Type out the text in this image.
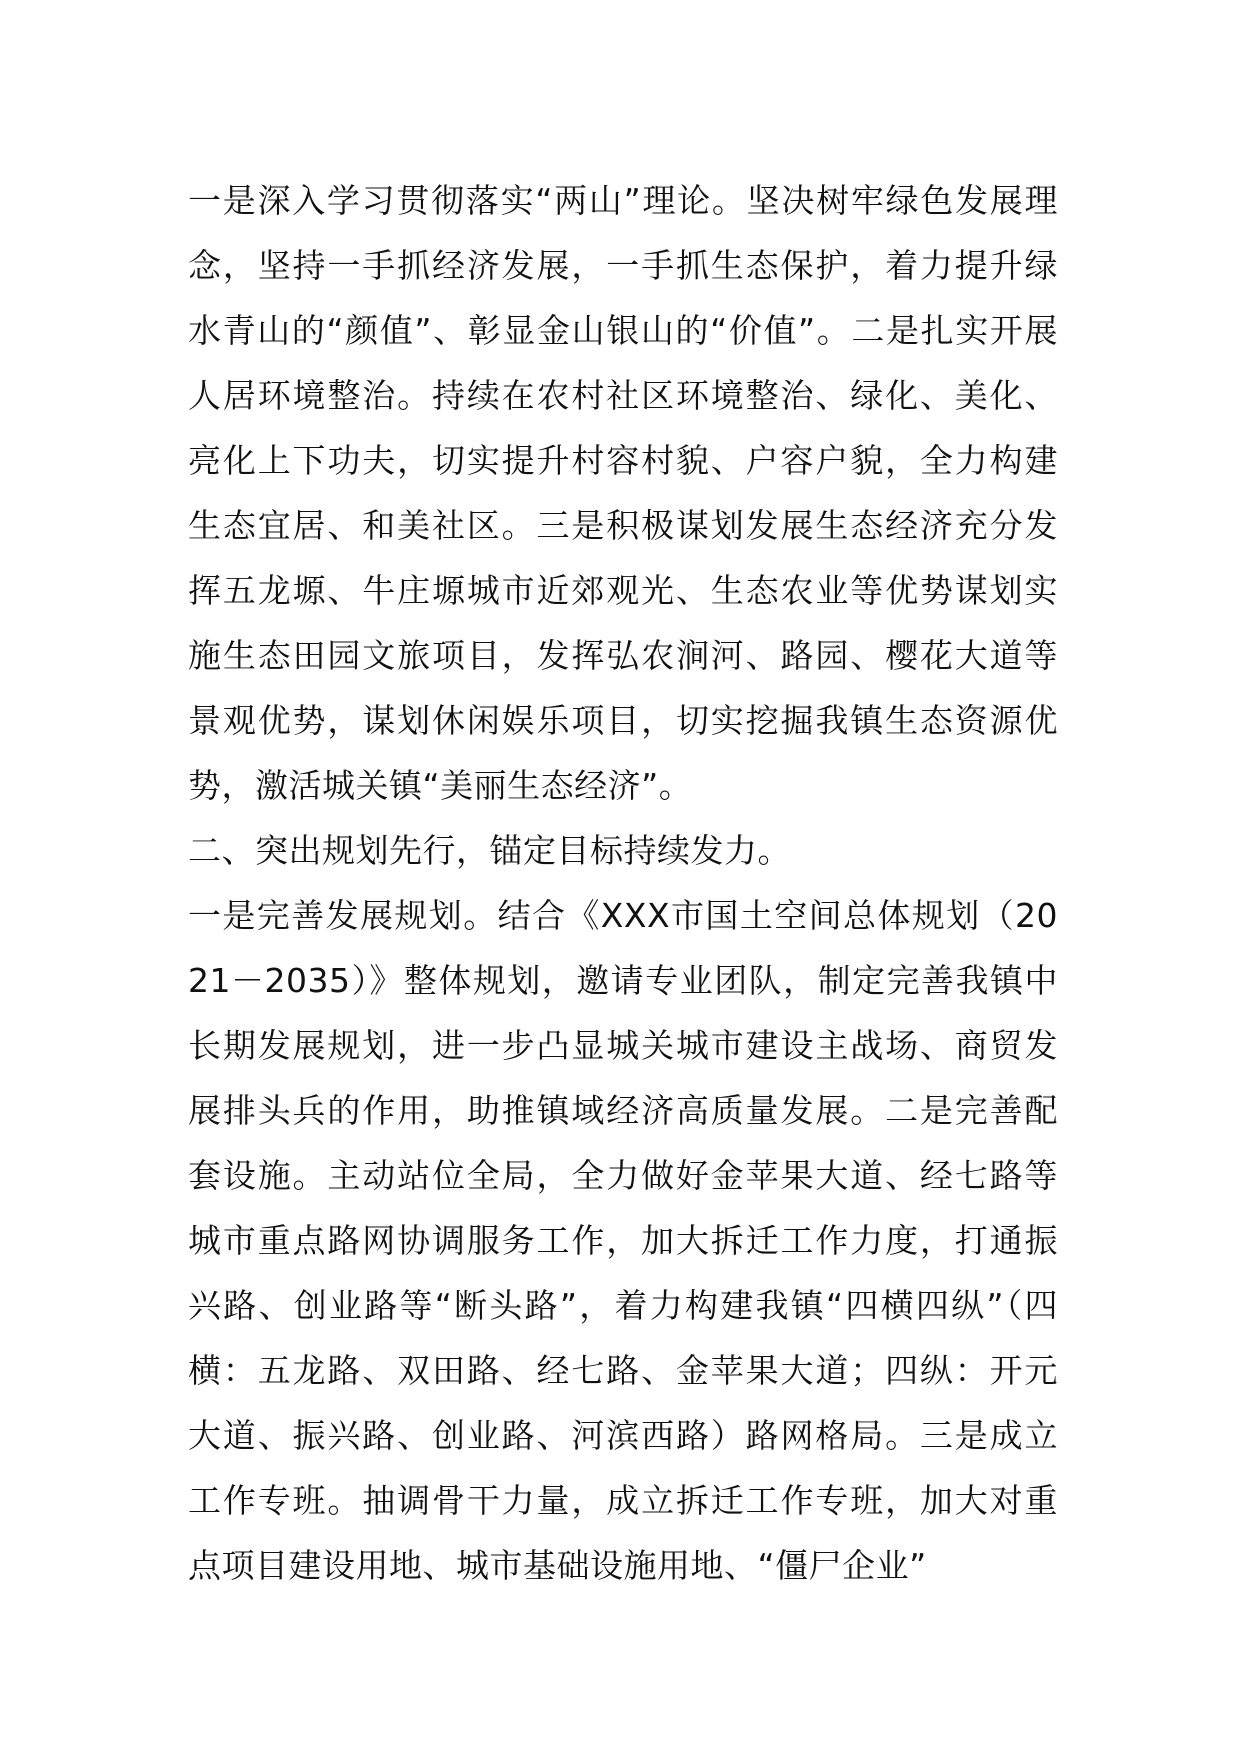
一是深入学习贯彻落实“两山”理论。坚决树牢绿色发展理念，坚持一手抓经济发展，一手抓生态保护，着力提升绿水青山的“颜值”、彰显金山银山的“价值”。二是扎实开展人居环境整治。持续在农村社区环境整治、绿化、美化、亮化上下功夫，切实提升村容村貌、户容户貌，全力构建生态宜居、和美社区。三是积极谋划发展生态经济充分发挥五龙塬、牛庄塬城市近郊观光、生态农业等优势谋划实施生态田园文旅项目，发挥弘农涧河、路园、樱花大道等景观优势，谋划休闲娱乐项目，切实挖掘我镇生态资源优势，激活城关镇“美丽生态经济”。

二、突出规划先行，锚定目标持续发力。

一是完善发展规划。结合《XXX市国土空间总体规划（2021－2035）》整体规划，邀请专业团队，制定完善我镇中长期发展规划，进一步凸显城关城市建设主战场、商贸发展排头兵的作用，助推镇域经济高质量发展。二是完善配套设施。主动站位全局，全力做好金苹果大道、经七路等城市重点路网协调服务工作，加大拆迁工作力度，打通振兴路、创业路等“断头路”，着力构建我镇“四横四纵”（四横：五龙路、双田路、经七路、金苹果大道；四纵：开元大道、振兴路、创业路、河滨西路）路网格局。三是成立工作专班。抽调骨干力量，成立拆迁工作专班，加大对重点项目建设用地、城市基础设施用地、“僵尸企业”
